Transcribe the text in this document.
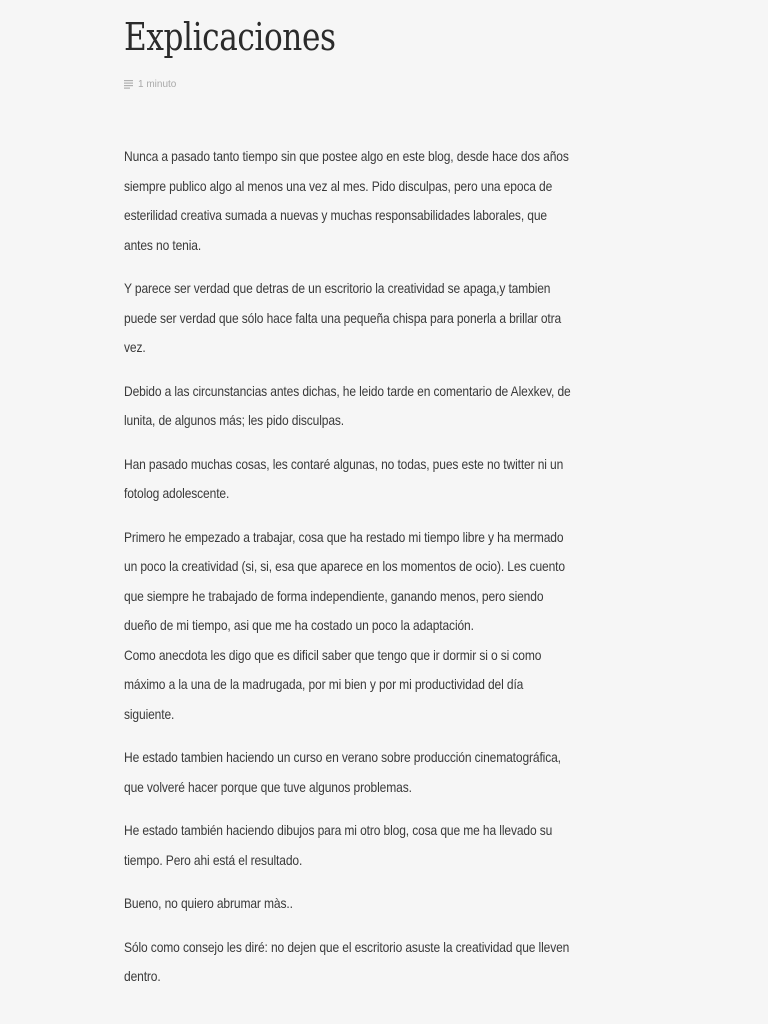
Explicaciones
1 minuto

Nunca a pasado tanto tiempo sin que postee algo en este blog, desde hace dos años
siempre publico algo al menos una vez al mes. Pido disculpas, pero una epoca de
esterilidad creativa sumada a nuevas y muchas responsabilidades laborales, que
antes no tenia.

Y parece ser verdad que detras de un escritorio la creatividad se apaga,y tambien
puede ser verdad que sólo hace falta una pequeña chispa para ponerla a brillar otra
vez.

Debido a las circunstancias antes dichas, he leido tarde en comentario de Alexkev, de
lunita, de algunos más; les pido disculpas.

Han pasado muchas cosas, les contaré algunas, no todas, pues este no twitter ni un
fotolog adolescente.

Primero he empezado a trabajar, cosa que ha restado mi tiempo libre y ha mermado
un poco la creatividad (si, si, esa que aparece en los momentos de ocio). Les cuento
que siempre he trabajado de forma independiente, ganando menos, pero siendo
dueño de mi tiempo, asi que me ha costado un poco la adaptación.
Como anecdota les digo que es dificil saber que tengo que ir dormir si o si como
máximo a la una de la madrugada, por mi bien y por mi productividad del día
siguiente.

He estado tambien haciendo un curso en verano sobre producción cinematográfica,
que volveré hacer porque que tuve algunos problemas.

He estado también haciendo dibujos para mi otro blog, cosa que me ha llevado su
tiempo. Pero ahi está el resultado.

Bueno, no quiero abrumar màs..

Sólo como consejo les diré: no dejen que el escritorio asuste la creatividad que lleven
dentro.
